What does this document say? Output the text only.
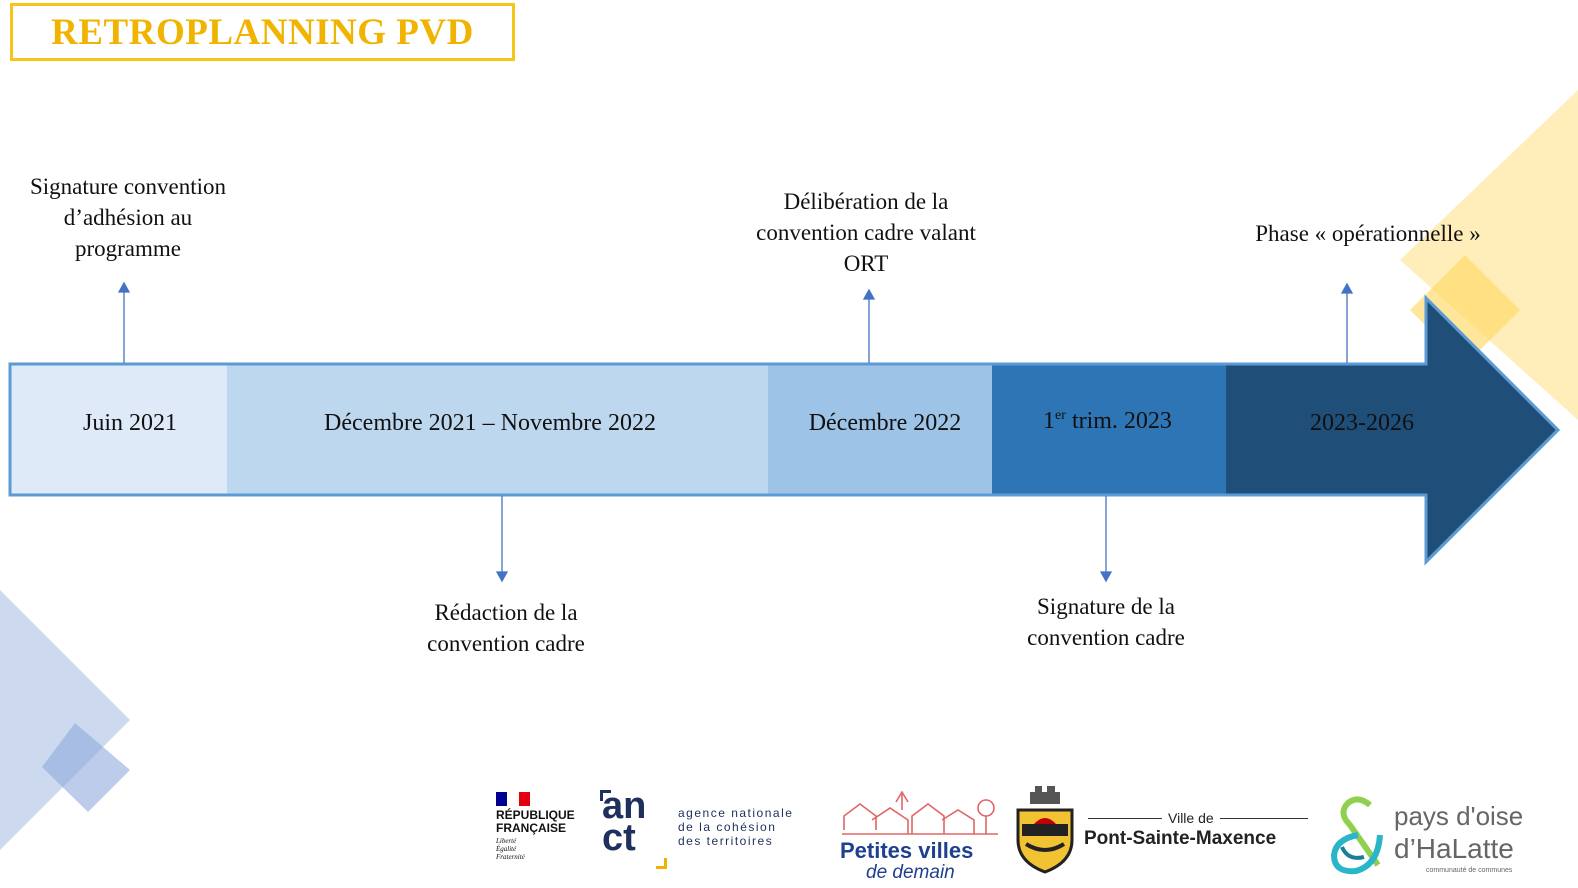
RETROPLANNING PVD
Juin 2021	Décembre 2021 – Novembre 2022	Décembre 2022	1er trim. 2023	2023-2026
Signature convention
d’adhésion au
programme
Délibération de la
convention cadre valant
ORT
Phase « opérationnelle »
Rédaction de la
convention cadre
Signature de la
convention cadre
RÉPUBLIQUE
FRANÇAISE
Liberté
Égalité
Fraternité
an
ct
agence nationale
de la cohésion
des territoires	Petites villes
de demain
Ville de
Pont-Sainte-Maxence
pays d'oise
d’HaLatte
communauté de communes
